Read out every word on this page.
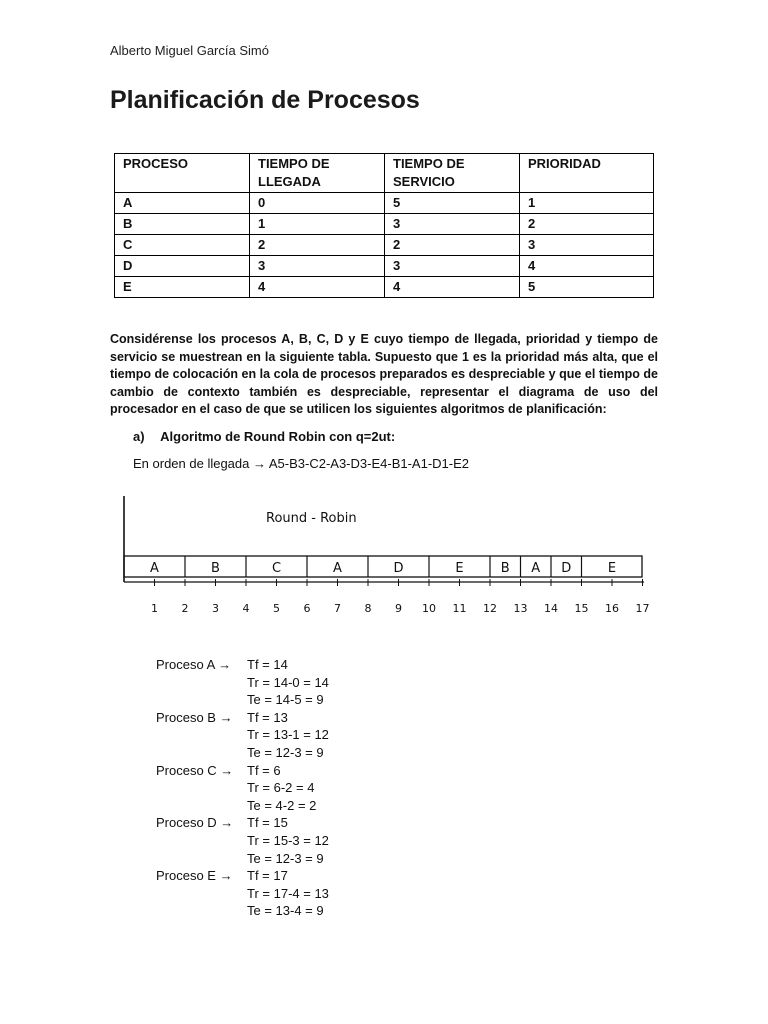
Alberto Miguel García Simó
Planificación de Procesos
PROCESO	TIEMPO DE LLEGADA	TIEMPO DE SERVICIO	PRIORIDAD
A	0	5	1
B	1	3	2
C	2	2	3
D	3	3	4
E	4	4	5

Considérense los procesos A, B, C, D y E cuyo tiempo de llegada, prioridad y tiempo de servicio se muestrean en la siguiente tabla. Supuesto que 1 es la prioridad más alta, que el tiempo de colocación en la cola de procesos preparados es despreciable y que el tiempo de cambio de contexto también es despreciable, representar el diagrama de uso del procesador en el caso de que se utilicen los siguientes algoritmos de planificación:

a) Algoritmo de Round Robin con q=2ut:
En orden de llegada → A5-B3-C2-A3-D3-E4-B1-A1-D1-E2
Round - Robin
A	B	C	A	D	E	B A D	E
1 2 3 4 5 6 7 8 9 10 11 12 13 14 15 16 17
Proceso A →	Tf = 14
Tr = 14-0 = 14
Te = 14-5 = 9
Proceso B →	Tf = 13
Tr = 13-1 = 12
Te = 12-3 = 9
Proceso C →	Tf = 6
Tr = 6-2 = 4
Te = 4-2 = 2
Proceso D →	Tf = 15
Tr = 15-3 = 12
Te = 12-3 = 9
Proceso E →	Tf = 17
Tr = 17-4 = 13
Te = 13-4 = 9
